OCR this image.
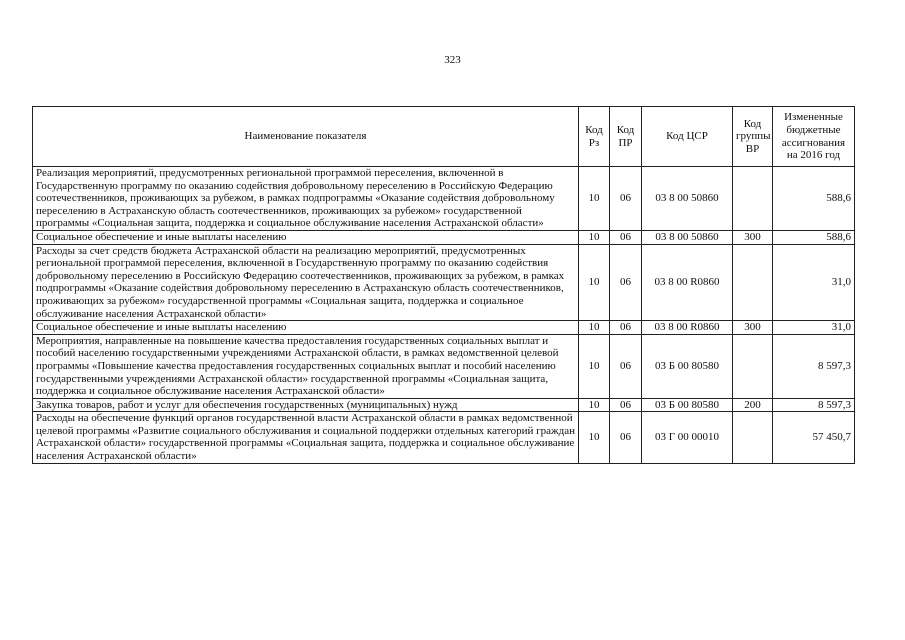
323
Наименование показателя	Код Рз	Код ПР	Код ЦСР	Код группы ВР	Измененные бюджетные ассигнования на 2016 год
Реализация мероприятий, предусмотренных региональной программой переселения, включенной в Государственную программу по оказанию содействия добровольному переселению в Российскую Федерацию соотечественников, проживающих за рубежом, в рамках подпрограммы «Оказание содействия добровольному переселению в Астраханскую область соотечественников, проживающих за рубежом» государственной программы «Социальная защита, поддержка и социальное обслуживание населения Астраханской области»	10	06	03 8 00 50860		588,6
Социальное обеспечение и иные выплаты населению	10	06	03 8 00 50860	300	588,6
Расходы за счет средств бюджета Астраханской области на реализацию мероприятий, предусмотренных региональной программой переселения, включенной в Государственную программу по оказанию содействия добровольному переселению в Российскую Федерацию соотечественников, проживающих за рубежом, в рамках подпрограммы «Оказание содействия добровольному переселению в Астраханскую область соотечественников, проживающих за рубежом» государственной программы «Социальная защита, поддержка и социальное обслуживание населения Астраханской области»	10	06	03 8 00 R0860		31,0
Социальное обеспечение и иные выплаты населению	10	06	03 8 00 R0860	300	31,0
Мероприятия, направленные на повышение качества предоставления государственных социальных выплат и пособий населению государственными учреждениями Астраханской области, в рамках ведомственной целевой программы «Повышение качества предоставления государственных социальных выплат и пособий населению государственными учреждениями Астраханской области» государственной программы «Социальная защита, поддержка и социальное обслуживание населения Астраханской области»	10	06	03 Б 00 80580		8 597,3
Закупка товаров, работ и услуг для обеспечения государственных (муниципальных) нужд	10	06	03 Б 00 80580	200	8 597,3
Расходы на обеспечение функций органов государственной власти Астраханской области в рамках ведомственной целевой программы «Развитие социального обслуживания и социальной поддержки отдельных категорий граждан Астраханской области» государственной программы «Социальная защита, поддержка и социальное обслуживание населения Астраханской области»	10	06	03 Г 00 00010		57 450,7
